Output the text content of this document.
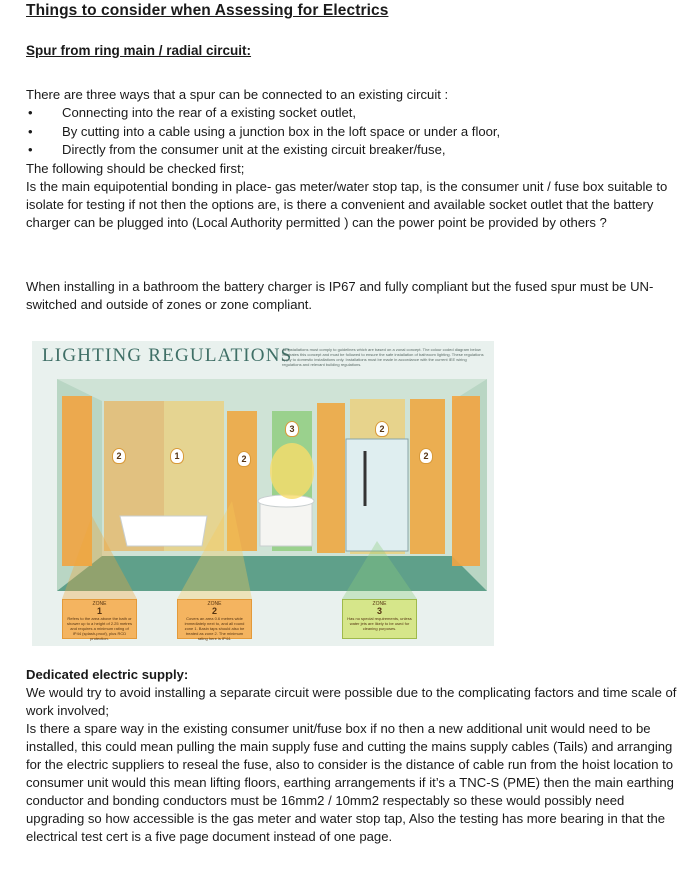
Things to consider when Assessing for Electrics
Spur from ring main / radial circuit:

There are three ways that a spur can be connected to an existing circuit :

• Connecting into the rear of a existing socket outlet,
• By cutting into a cable using a junction box in the loft space or under a floor,
• Directly from the consumer unit at the existing circuit breaker/fuse,

The following should be checked first;

Is the main equipotential bonding in place- gas meter/water stop tap, is the consumer unit / fuse box suitable to isolate for testing if not then the options are, is there a convenient and available socket outlet that the battery charger can be plugged into (Local Authority permitted ) can the power point be provided by others ?

When installing in a bathroom the battery charger is IP67 and fully compliant but the fused spur must be UN-switched and outside of zones or zone compliant.

LIGHTING REGULATIONS
All installations must comply to guidelines which are based on a zonal concept. The colour coded diagram below illustrates this concept and must be followed to ensure the safe installation of bathroom lighting. These regulations apply to domestic installations only. Installations must be made in accordance with the current IEE wiring regulations and relevant building regulations.
2	1	2
3	2
2
ZONE
1
Refers to the area above the bath or shower up to a height of 2.25 metres and requires a minimum rating of IP44 (splash-proof), plus RCD protection.
ZONE
2
Covers an area 0.6 metres wide immediately next to, and all round zone 1. Basin taps should also be treated as zone 2. The minimum rating here is IP44.
ZONE
3
Has no special requirements, unless water jets are likely to be used for cleaning purposes.

Dedicated electric supply:

We would try to avoid installing a separate circuit were possible due to the complicating factors and time scale of work involved;

Is there a spare way in the existing consumer unit/fuse box if no then a new additional unit would need to be installed, this could mean pulling the main supply fuse and cutting the mains supply cables (Tails) and arranging for the electric suppliers to reseal the fuse, also to consider is the distance of cable run from the hoist location to consumer unit would this mean lifting floors, earthing arrangements if it’s a TNC-S (PME) then the main earthing conductor and bonding conductors must be 16mm2 / 10mm2 respectably so these would possibly need upgrading so how accessible is the gas meter and water stop tap, Also the testing has more bearing in that the electrical test cert is a five page document instead of one page.
